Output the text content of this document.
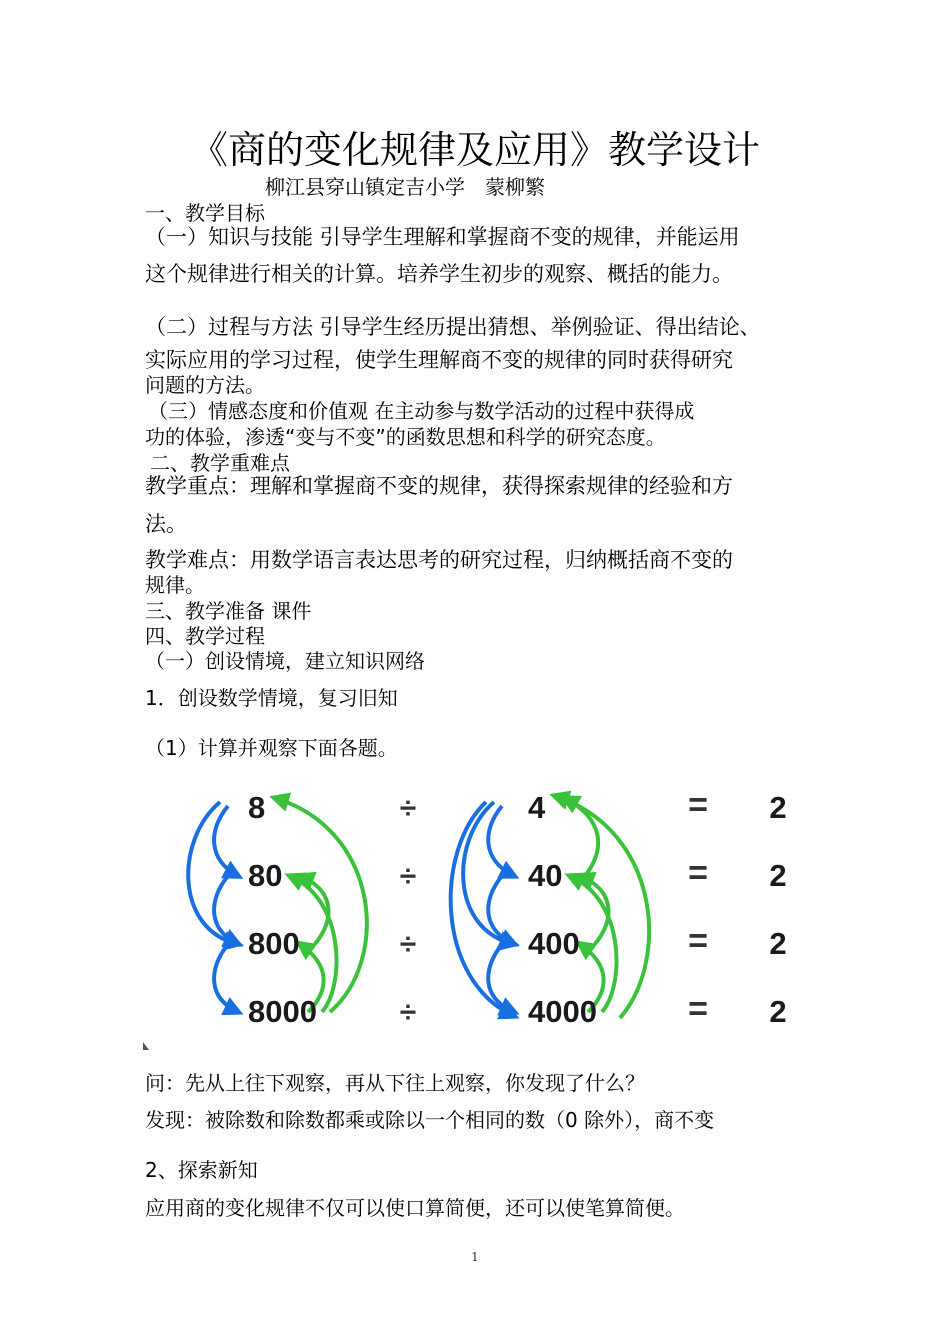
《商的变化规律及应用》教学设计
柳江县穿山镇定吉小学　蒙柳繁
一、教学目标
（一）知识与技能 引导学生理解和掌握商不变的规律，并能运用
这个规律进行相关的计算。培养学生初步的观察、概括的能力。
（二）过程与方法 引导学生经历提出猜想、举例验证、得出结论、
实际应用的学习过程，使学生理解商不变的规律的同时获得研究
问题的方法。
（三）情感态度和价值观 在主动参与数学活动的过程中获得成
功的体验，渗透“变与不变”的函数思想和科学的研究态度。
二、教学重难点
教学重点：理解和掌握商不变的规律，获得探索规律的经验和方
法。
教学难点：用数学语言表达思考的研究过程，归纳概括商不变的
规律。
三、教学准备 课件
四、教学过程
（一）创设情境，建立知识网络
1．创设数学情境，复习旧知
（1）计算并观察下面各题。
8	÷	4	= 2
80	÷	40	= 2
800	÷	400	= 2
8000	÷	4000	= 2
问：先从上往下观察，再从下往上观察，你发现了什么？
发现：被除数和除数都乘或除以一个相同的数（0 除外），商不变
2、探索新知
应用商的变化规律不仅可以使口算简便，还可以使笔算简便。
1
